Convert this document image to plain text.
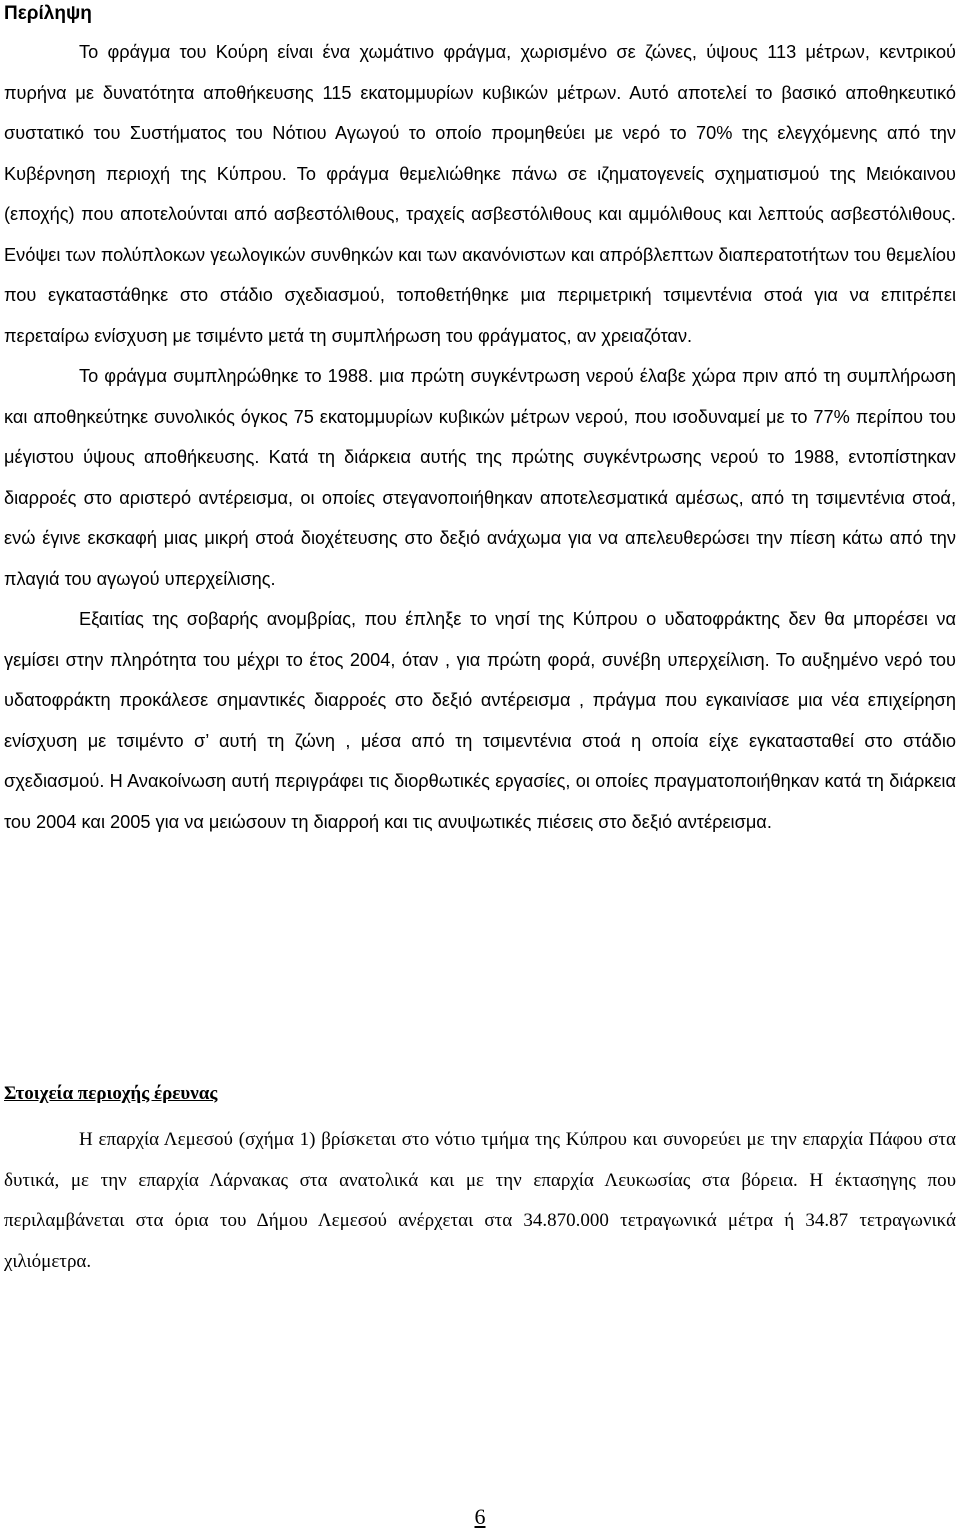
Περίληψη

Το φράγμα του Κούρη είναι ένα χωμάτινο φράγμα, χωρισμένο σε ζώνες, ύψους 113 μέτρων, κεντρικού πυρήνα με δυνατότητα αποθήκευσης 115 εκατομμυρίων κυβικών μέτρων. Αυτό αποτελεί το βασικό αποθηκευτικό συστατικό του Συστήματος του Νότιου Αγωγού το οποίο προμηθεύει με νερό το 70% της ελεγχόμενης από την Κυβέρνηση περιοχή της Κύπρου. Το φράγμα θεμελιώθηκε πάνω σε ιζηματογενείς σχηματισμού της Μειόκαινου (εποχής) που αποτελούνται από ασβεστόλιθους, τραχείς ασβεστόλιθους και αμμόλιθους και λεπτούς ασβεστόλιθους. Ενόψει των πολύπλοκων γεωλογικών συνθηκών και των ακανόνιστων και απρόβλεπτων διαπερατοτήτων του θεμελίου που εγκαταστάθηκε στο στάδιο σχεδιασμού, τοποθετήθηκε μια περιμετρική τσιμεντένια στοά για να επιτρέπει περεταίρω ενίσχυση με τσιμέντο μετά τη συμπλήρωση του φράγματος, αν χρειαζόταν.

Το φράγμα συμπληρώθηκε το 1988. μια πρώτη συγκέντρωση νερού έλαβε χώρα πριν από τη συμπλήρωση και αποθηκεύτηκε συνολικός όγκος 75 εκατομμυρίων κυβικών μέτρων νερού, που ισοδυναμεί με το 77% περίπου του μέγιστου ύψους αποθήκευσης. Κατά τη διάρκεια αυτής της πρώτης συγκέντρωσης νερού το 1988, εντοπίστηκαν διαρροές στο αριστερό αντέρεισμα, οι οποίες στεγανοποιήθηκαν αποτελεσματικά αμέσως, από τη τσιμεντένια στοά, ενώ έγινε εκσκαφή μιας μικρή στοά διοχέτευσης στο δεξιό ανάχωμα για να απελευθερώσει την πίεση κάτω από την πλαγιά του αγωγού υπερχείλισης.

Εξαιτίας της σοβαρής ανομβρίας, που έπληξε το νησί της Κύπρου ο υδατοφράκτης δεν θα μπορέσει να γεμίσει στην πληρότητα του μέχρι το έτος 2004, όταν , για πρώτη φορά, συνέβη υπερχείλιση. Το αυξημένο νερό του υδατοφράκτη προκάλεσε σημαντικές διαρροές στο δεξιό αντέρεισμα , πράγμα που εγκαινίασε μια νέα επιχείρηση ενίσχυση με τσιμέντο σ’ αυτή τη ζώνη , μέσα από τη τσιμεντένια στοά η οποία είχε εγκατασταθεί στο στάδιο σχεδιασμού. Η Ανακοίνωση αυτή περιγράφει τις διορθωτικές εργασίες, οι οποίες πραγματοποιήθηκαν κατά τη διάρκεια του 2004 και 2005 για να μειώσουν τη διαρροή και τις ανυψωτικές πιέσεις στο δεξιό αντέρεισμα.

Στοιχεία περιοχής έρευνας

Η επαρχία Λεμεσού (σχήμα 1) βρίσκεται στο νότιο τμήμα της Κύπρου και συνορεύει με την επαρχία Πάφου στα δυτικά, με την επαρχία Λάρνακας στα ανατολικά και με την επαρχία Λευκωσίας στα βόρεια. Η έκτασηγης που περιλαμβάνεται στα όρια του Δήμου Λεμεσού ανέρχεται στα 34.870.000 τετραγωνικά μέτρα ή 34.87 τετραγωνικά χιλιόμετρα.

6
